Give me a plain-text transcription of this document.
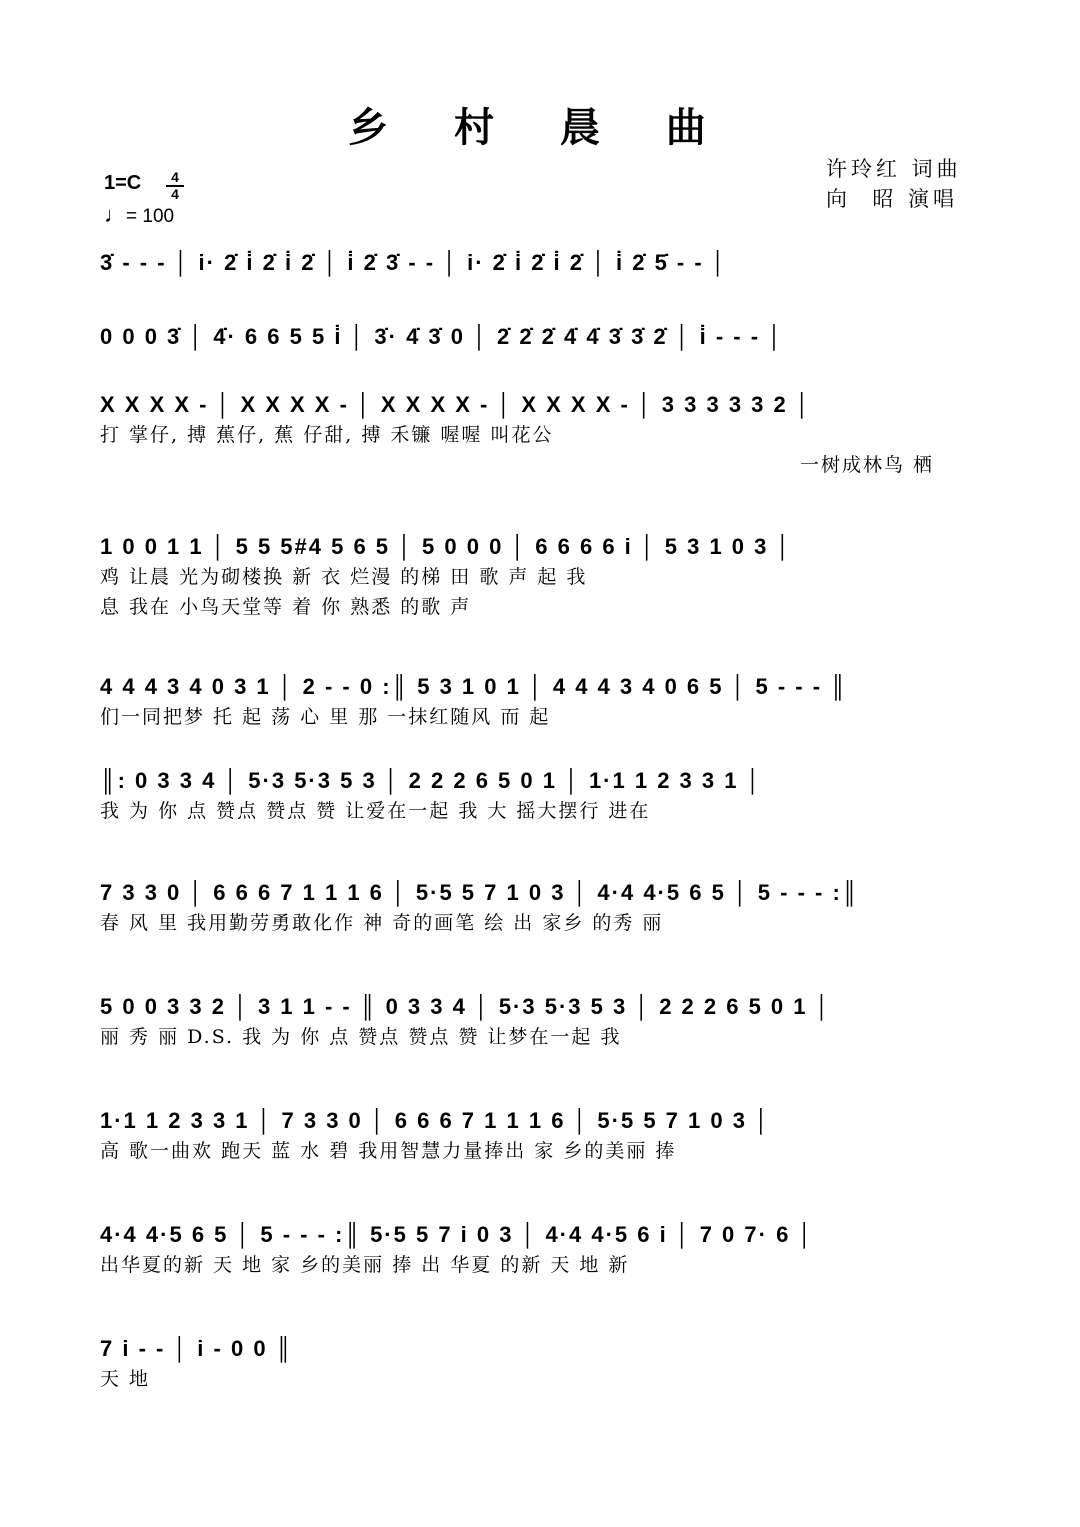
乡 村 晨 曲
许玲红 词曲
向  昭 演唱
1=C	4
4
♩= 100
3̇ - - - │ i· 2̇ i̇ 2̇ i̇ 2̇ │ i̇ 2̇ 3̇ - - │ i· 2̇ i̇ 2̇ i̇ 2̇ │ i̇ 2̇ 5̇ - - │
0 0 0 3̇ │ 4̇· 6 6 5 5 i̇ │ 3̇· 4̇ 3̇ 0 │ 2̇ 2̇ 2̇ 4̇ 4̇ 3̇ 3̇ 2̇ │ i̇ - - - │
X X X X - │ X X X X - │ X X X X - │ X X X X - │ 3 3 3 3 3 2 │
打 掌仔, 搏 蕉仔, 蕉 仔甜, 搏 禾镰 喔喔 叫花公
一树成林鸟 栖
1 0 0 1 1 │ 5 5 5#4 5 6 5 │ 5 0 0 0 │ 6 6 6 6 i │ 5 3 1 0 3 │
鸡 让晨 光为砌楼换 新 衣 烂漫 的梯 田 歌 声 起 我
息 我在 小鸟天堂等 着 你 熟悉 的歌 声
4 4 4 3 4 0 3 1 │ 2 - - 0 :║ 5 3 1 0 1 │ 4 4 4 3 4 0 6 5 │ 5 - - - ║
们一同把梦 托 起 荡 心 里 那 一抹红随风 而 起
║: 0 3 3 4 │ 5·3 5·3 5 3 │ 2 2 2 6 5 0 1 │ 1·1 1 2 3 3 1 │
我 为 你 点 赞点 赞点 赞 让爱在一起 我 大 摇大摆行 进在
7 3 3 0 │ 6 6 6 7 1 1 1 6 │ 5·5 5 7 1 0 3 │ 4·4 4·5 6 5 │ 5 - - - :║
春 风 里 我用勤劳勇敢化作 神 奇的画笔 绘 出 家乡 的秀 丽
5 0 0 3 3 2 │ 3 1 1 - - ║ 0 3 3 4 │ 5·3 5·3 5 3 │ 2 2 2 6 5 0 1 │
丽 秀 丽 D.S. 我 为 你 点 赞点 赞点 赞 让梦在一起 我
1·1 1 2 3 3 1 │ 7 3 3 0 │ 6 6 6 7 1 1 1 6 │ 5·5 5 7 1 0 3 │
高 歌一曲欢 跑天 蓝 水 碧 我用智慧力量捧出 家 乡的美丽 捧
4·4 4·5 6 5 │ 5 - - - :║ 5·5 5 7 i 0 3 │ 4·4 4·5 6 i │ 7 0 7· 6 │
出华夏的新 天 地 家 乡的美丽 捧 出 华夏 的新 天 地 新
7 i - - │ i - 0 0 ║
天 地
